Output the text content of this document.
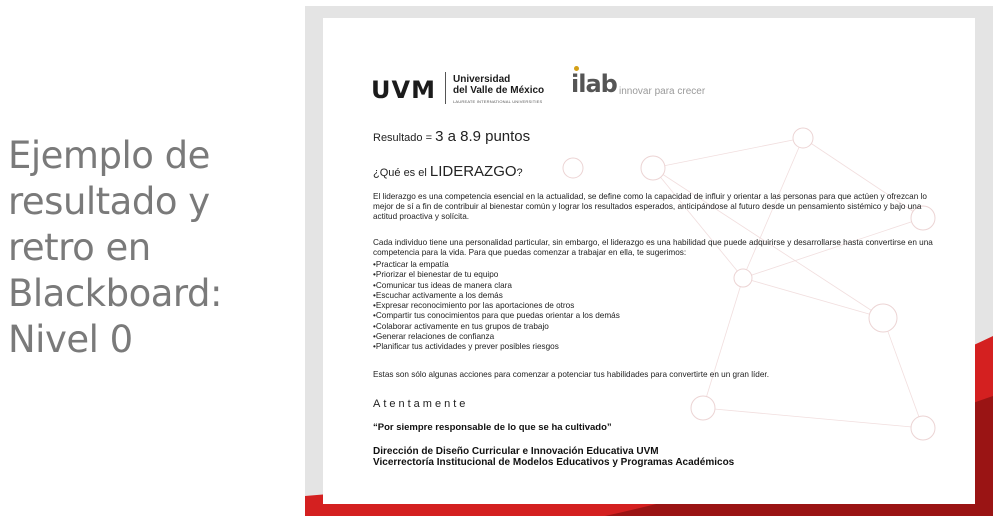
Ejemplo de
resultado y
retro en
Blackboard:
Nivel 0
UVM Universidad
del Valle de México
LAUREATE INTERNATIONAL UNIVERSITIES
ilab innovar para crecer
Resultado = 3 a 8.9 puntos
¿Qué es el LIDERAZGO?
El liderazgo es una competencia esencial en la actualidad, se define como la capacidad de influir y orientar a las personas para que actúen y ofrezcan lo mejor de sí a fin de contribuir al bienestar común y lograr los resultados esperados, anticipándose al futuro desde un pensamiento sistémico y bajo una actitud proactiva y solícita.
Cada individuo tiene una personalidad particular, sin embargo, el liderazgo es una habilidad que puede adquirirse y desarrollarse hasta convertirse en una competencia para la vida. Para que puedas comenzar a trabajar en ella, te sugerimos:
•Practicar la empatía
•Priorizar el bienestar de tu equipo
•Comunicar tus ideas de manera clara
•Escuchar activamente a los demás
•Expresar reconocimiento por las aportaciones de otros
•Compartir tus conocimientos para que puedas orientar a los demás
•Colaborar activamente en tus grupos de trabajo
•Generar relaciones de confianza
•Planificar tus actividades y prever posibles riesgos
Estas son sólo algunas acciones para comenzar a potenciar tus habilidades para convertirte en un gran líder.
Atentamente
“Por siempre responsable de lo que se ha cultivado”
Dirección de Diseño Curricular e Innovación Educativa UVM
Vicerrectoría Institucional de Modelos Educativos y Programas Académicos
